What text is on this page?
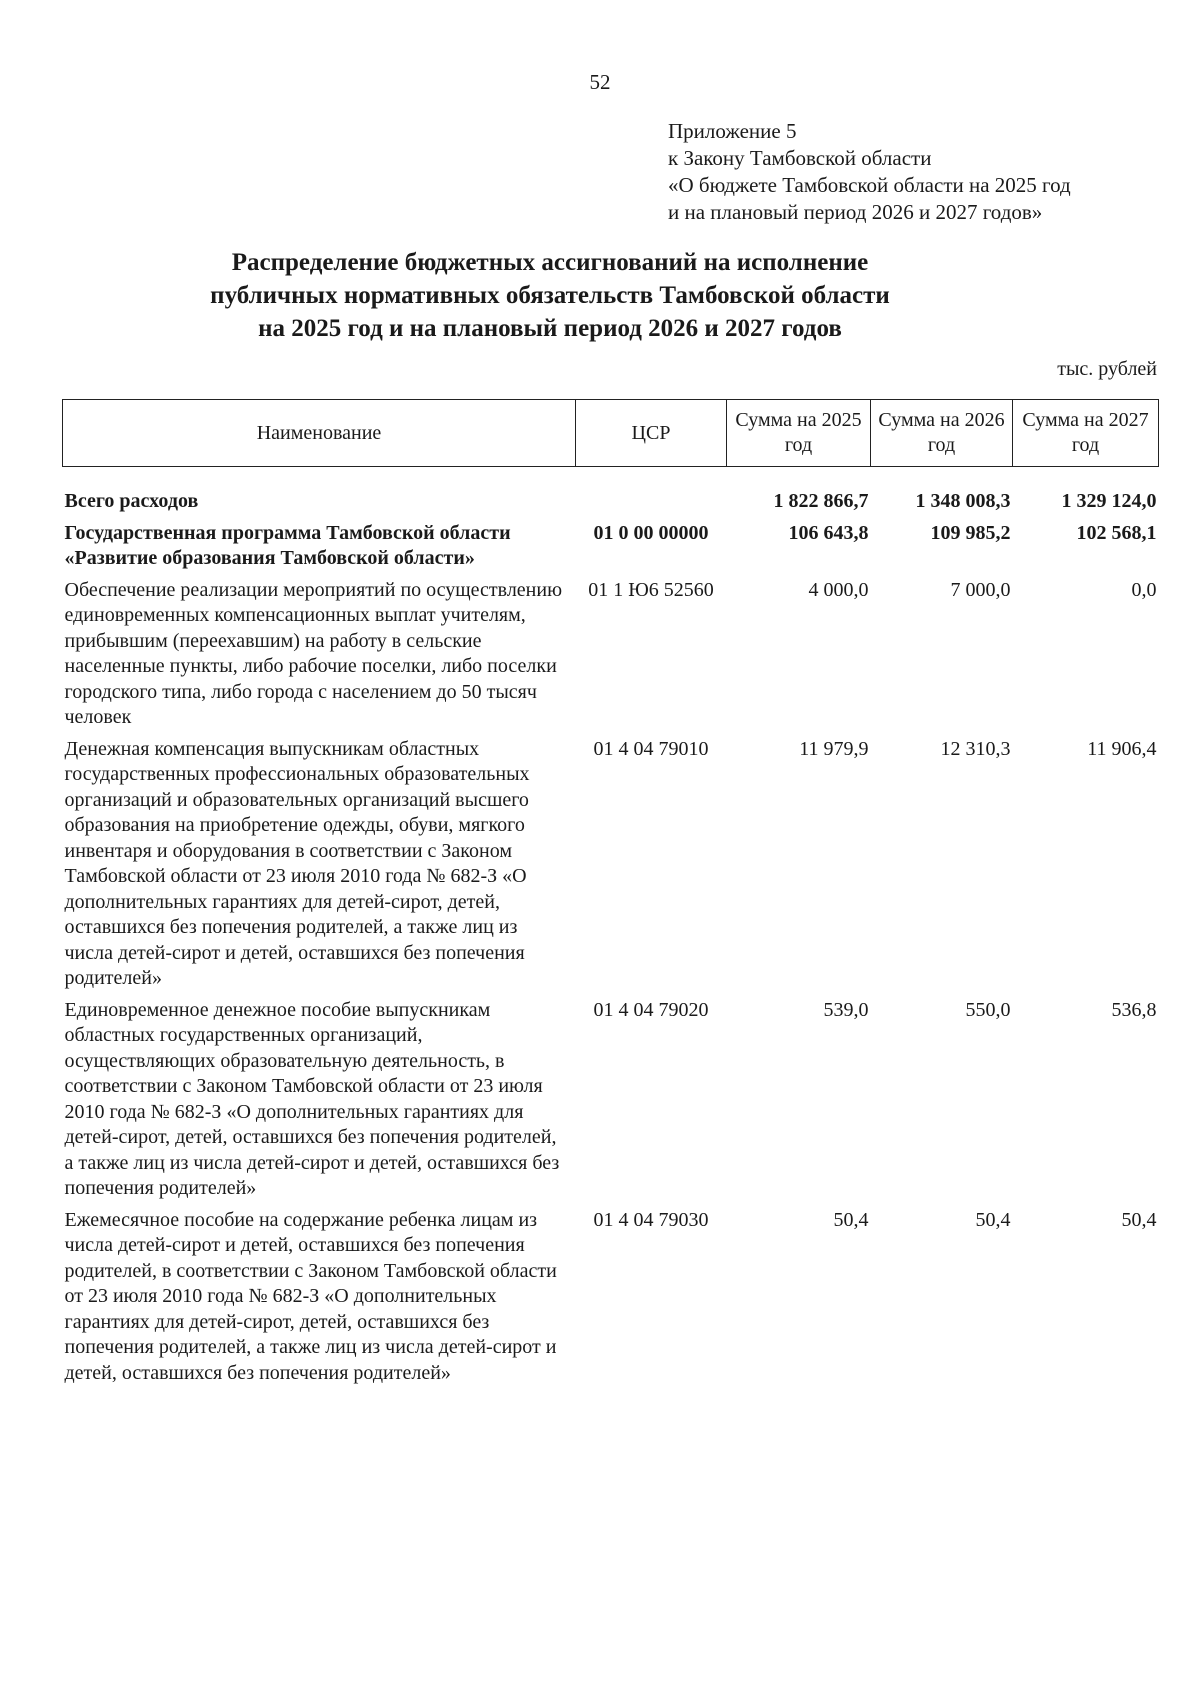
52
Приложение 5
к Закону Тамбовской области
«О бюджете Тамбовской области на 2025 год
и на плановый период 2026 и 2027 годов»
Распределение бюджетных ассигнований на исполнение
публичных нормативных обязательств Тамбовской области
на 2025 год и на плановый период 2026 и 2027 годов
тыс. рублей
Наименование	ЦСР	Сумма на 2025 год	Сумма на 2026 год	Сумма на 2027 год
Всего расходов		1 822 866,7	1 348 008,3	1 329 124,0
Государственная программа Тамбовской области «Развитие образования Тамбовской области»	01 0 00 00000	106 643,8	109 985,2	102 568,1
Обеспечение реализации мероприятий по осуществлению единовременных компенсационных выплат учителям, прибывшим (переехавшим) на работу в сельские населенные пункты, либо рабочие поселки, либо поселки городского типа, либо города с населением до 50 тысяч человек	01 1 Ю6 52560	4 000,0	7 000,0	0,0
Денежная компенсация выпускникам областных государственных профессиональных образовательных организаций и образовательных организаций высшего образования на приобретение одежды, обуви, мягкого инвентаря и оборудования в соответствии с Законом Тамбовской области от 23 июля 2010 года № 682-З «О дополнительных гарантиях для детей-сирот, детей, оставшихся без попечения родителей, а также лиц из числа детей-сирот и детей, оставшихся без попечения родителей»	01 4 04 79010	11 979,9	12 310,3	11 906,4
Единовременное денежное пособие выпускникам областных государственных организаций, осуществляющих образовательную деятельность, в соответствии с Законом Тамбовской области от 23 июля 2010 года № 682-З «О дополнительных гарантиях для детей-сирот, детей, оставшихся без попечения родителей, а также лиц из числа детей-сирот и детей, оставшихся без попечения родителей»	01 4 04 79020	539,0	550,0	536,8
Ежемесячное пособие на содержание ребенка лицам из числа детей-сирот и детей, оставшихся без попечения родителей, в соответствии с Законом Тамбовской области от 23 июля 2010 года № 682-З «О дополнительных гарантиях для детей-сирот, детей, оставшихся без попечения родителей, а также лиц из числа детей-сирот и детей, оставшихся без попечения родителей»	01 4 04 79030	50,4	50,4	50,4
